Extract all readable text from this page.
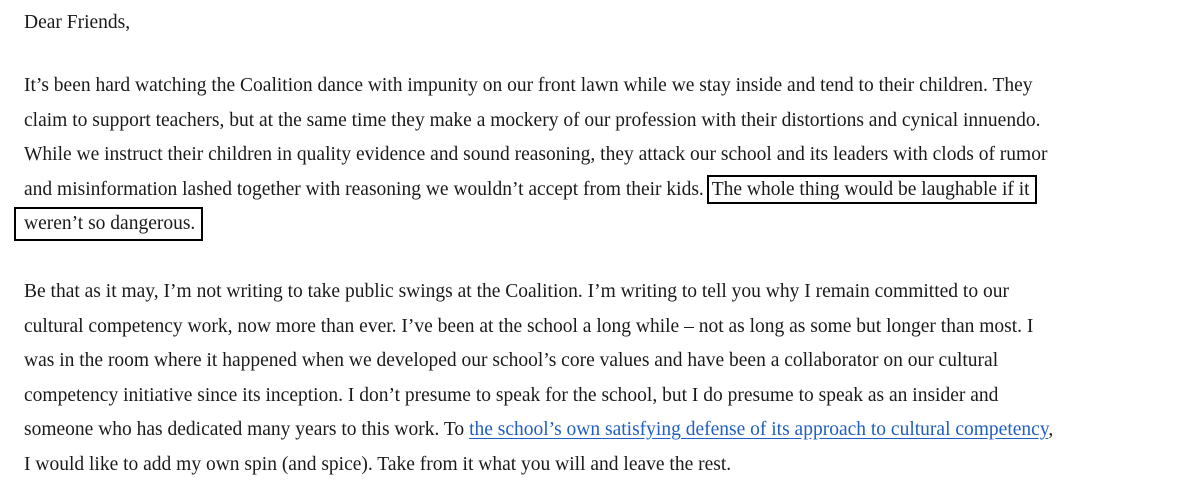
Dear Friends,
It’s been hard watching the Coalition dance with impunity on our front lawn while we stay inside and tend to their children. They
claim to support teachers, but at the same time they make a mockery of our profession with their distortions and cynical innuendo.
While we instruct their children in quality evidence and sound reasoning, they attack our school and its leaders with clods of rumor
and misinformation lashed together with reasoning we wouldn’t accept from their kids. The whole thing would be laughable if it
weren’t so dangerous.
Be that as it may, I’m not writing to take public swings at the Coalition. I’m writing to tell you why I remain committed to our
cultural competency work, now more than ever. I’ve been at the school a long while – not as long as some but longer than most. I
was in the room where it happened when we developed our school’s core values and have been a collaborator on our cultural
competency initiative since its inception. I don’t presume to speak for the school, but I do presume to speak as an insider and
someone who has dedicated many years to this work. To the school’s own satisfying defense of its approach to cultural competency,
I would like to add my own spin (and spice). Take from it what you will and leave the rest.
